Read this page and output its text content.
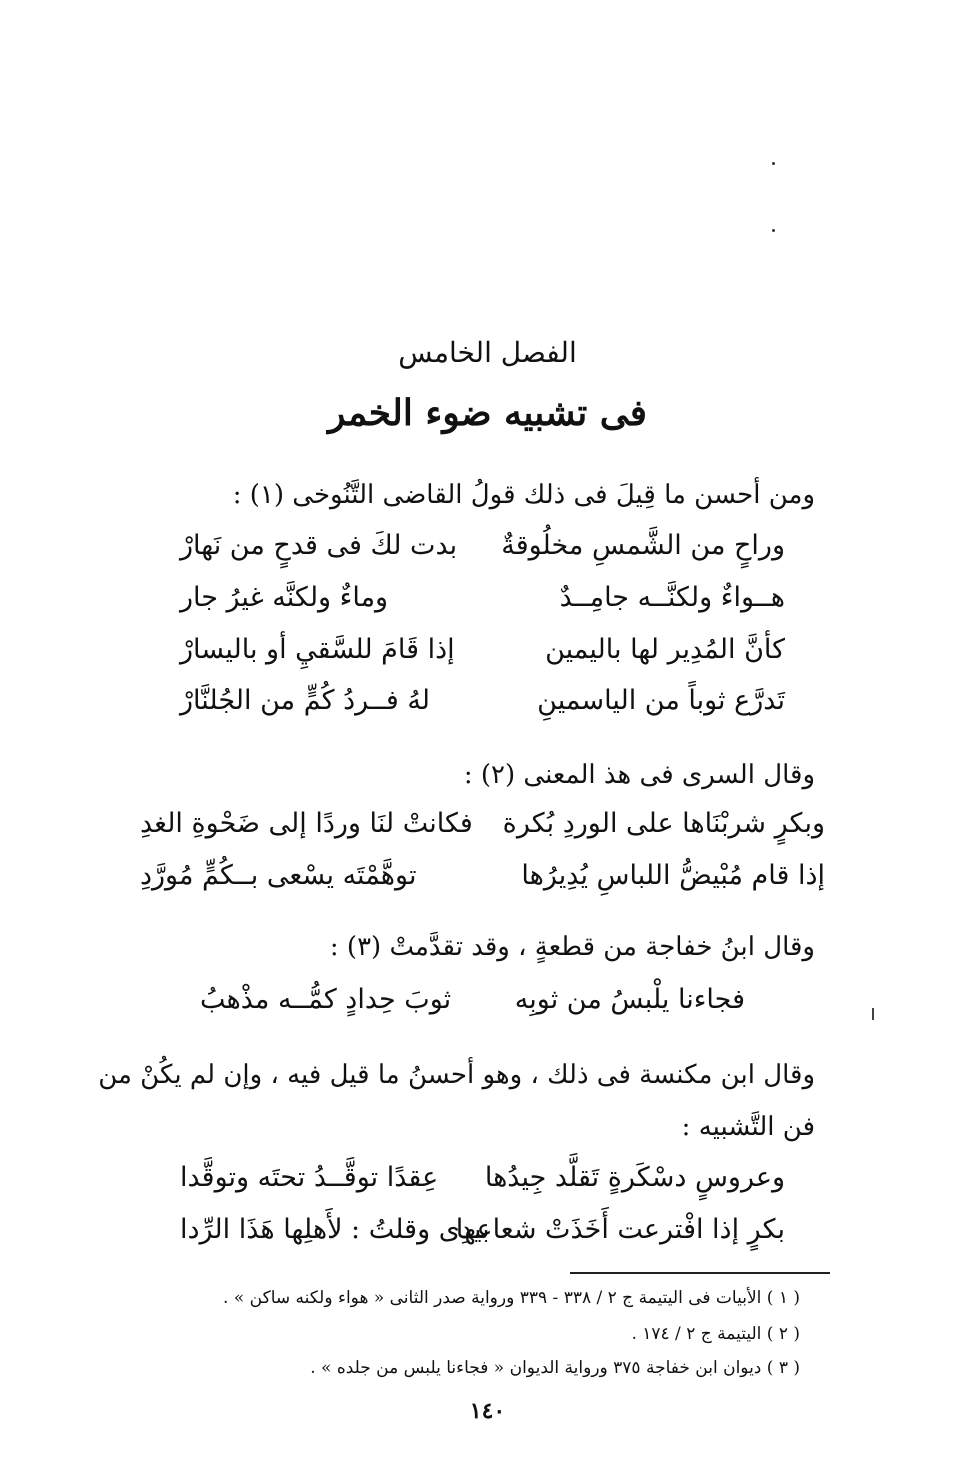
الفصل الخامس
فى تشبيه ضوء الخمر
ومن أحسن ما قِيلَ فى ذلك قولُ القاضى التَّنُوخى (١) :
وراحٍ من الشَّمسِ مخلُوقةٌ
بدت لكَ فى قدحٍ من نَهارْ
هــواءٌ ولكنَّــه جامِــدٌ
وماءٌ ولكنَّه غيرُ جار
كأنَّ المُدِير لها باليمين
إذا قَامَ للسَّقيِ أو باليسارْ
تَدرَّع ثوباً من الياسمينِ
لهُ فــردُ كُمٍّ من الجُلنَّارْ
وقال السرى فى هذ المعنى (٢) :
وبكرٍ شربْنَاها على الوردِ بُكرة
فكانتْ لنَا وردًا إلى ضَحْوةِ الغدِ
إذا قام مُبْيضُّ اللباسِ يُدِيرُها
توهَّمْتَه يسْعى بــكُمٍّ مُورَّدِ
وقال ابنُ خفاجة من قطعةٍ ، وقد تقدَّمتْ (٣) :
فجاءنا يلْبسُ من ثوبِه
ثوبَ حِدادٍ كمُّــه مذْهبُ
وقال ابن مكنسة فى ذلك ، وهو أحسنُ ما قيل فيه ، وإن لم يكُنْ من
فن التَّشبيه :
وعروسٍ دسْكَرةٍ تَقلَّد جِيدُها
عِقدًا توقَّــدُ تحتَه وتوقَّدا
بكرٍ إذا افْترعت أَخَذَتْ شعاعها
بيدِى وقلتُ : لأَهلِها هَذَا الرِّدا
( ١ ) الأبيات فى اليتيمة ج ٢ / ٣٣٨ - ٣٣٩ ورواية صدر الثانى « هواء ولكنه ساكن » .
( ٢ ) اليتيمة ج ٢ / ١٧٤ .
( ٣ ) ديوان ابن خفاجة ٣٧٥ ورواية الديوان « فجاءنا يلبس من جلده » .
١٤٠
